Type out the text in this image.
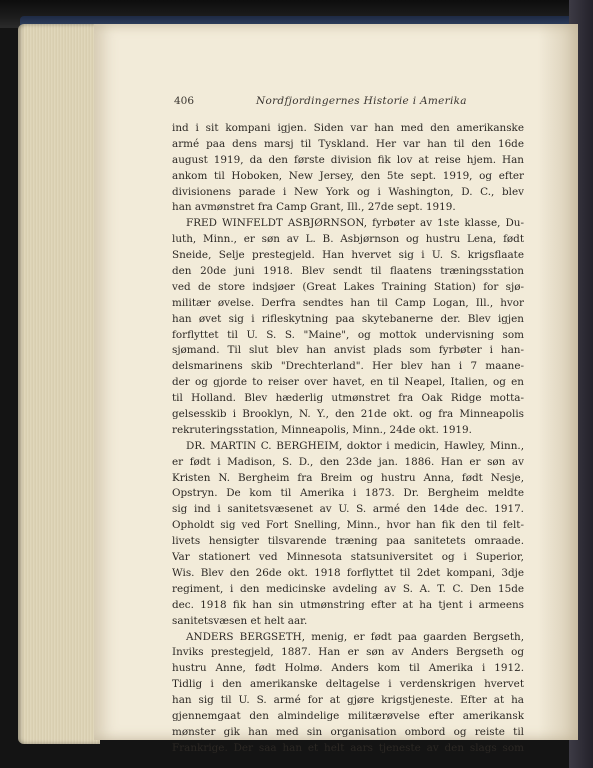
406	Nordfjordingernes Historie i Amerika
ind i sit kompani igjen. Siden var han med den amerikanske
armé paa dens marsj til Tyskland. Her var han til den 16de
august 1919, da den første division fik lov at reise hjem. Han
ankom til Hoboken, New Jersey, den 5te sept. 1919, og efter
divisionens parade i New York og i Washington, D. C., blev
han avmønstret fra Camp Grant, Ill., 27de sept. 1919.
FRED WINFELDT ASBJØRNSON, fyrbøter av 1ste klasse, Du-
luth, Minn., er søn av L. B. Asbjørnson og hustru Lena, født
Sneide, Selje prestegjeld. Han hvervet sig i U. S. krigsflaate
den 20de juni 1918. Blev sendt til flaatens træningsstation
ved de store indsjøer (Great Lakes Training Station) for sjø-
militær øvelse. Derfra sendtes han til Camp Logan, Ill., hvor
han øvet sig i rifleskytning paa skytebanerne der. Blev igjen
forflyttet til U. S. S. "Maine", og mottok undervisning som
sjømand. Til slut blev han anvist plads som fyrbøter i han-
delsmarinens skib "Drechterland". Her blev han i 7 maane-
der og gjorde to reiser over havet, en til Neapel, Italien, og en
til Holland. Blev hæderlig utmønstret fra Oak Ridge motta-
gelsesskib i Brooklyn, N. Y., den 21de okt. og fra Minneapolis
rekruteringsstation, Minneapolis, Minn., 24de okt. 1919.
DR. MARTIN C. BERGHEIM, doktor i medicin, Hawley, Minn.,
er født i Madison, S. D., den 23de jan. 1886. Han er søn av
Kristen N. Bergheim fra Breim og hustru Anna, født Nesje,
Opstryn. De kom til Amerika i 1873. Dr. Bergheim meldte
sig ind i sanitetsvæsenet av U. S. armé den 14de dec. 1917.
Opholdt sig ved Fort Snelling, Minn., hvor han fik den til felt-
livets hensigter tilsvarende træning paa sanitetets omraade.
Var stationert ved Minnesota statsuniversitet og i Superior,
Wis. Blev den 26de okt. 1918 forflyttet til 2det kompani, 3dje
regiment, i den medicinske avdeling av S. A. T. C. Den 15de
dec. 1918 fik han sin utmønstring efter at ha tjent i armeens
sanitetsvæsen et helt aar.
ANDERS BERGSETH, menig, er født paa gaarden Bergseth,
Inviks prestegjeld, 1887. Han er søn av Anders Bergseth og
hustru Anne, født Holmø. Anders kom til Amerika i 1912.
Tidlig i den amerikanske deltagelse i verdenskrigen hvervet
han sig til U. S. armé for at gjøre krigstjeneste. Efter at ha
gjennemgaat den almindelige militærøvelse efter amerikansk
mønster gik han med sin organisation ombord og reiste til
Frankrige. Der saa han et helt aars tjeneste av den slags som
